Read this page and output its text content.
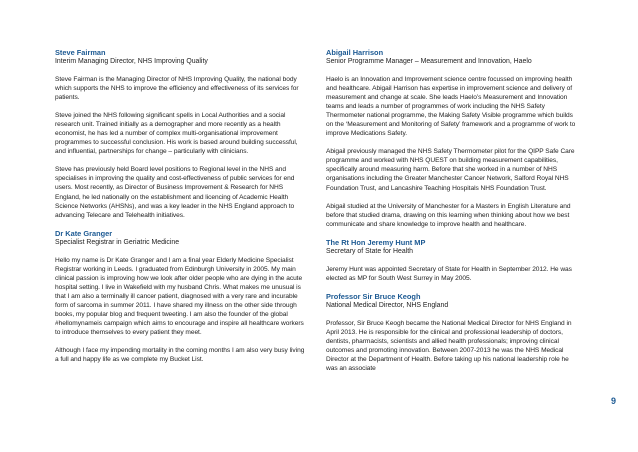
Steve Fairman
Interim Managing Director, NHS Improving Quality

Steve Fairman is the Managing Director of NHS Improving Quality, the national body which supports the NHS to improve the efficiency and effectiveness of its services for patients.

Steve joined the NHS following significant spells in Local Authorities and a social research unit. Trained initially as a demographer and more recently as a health economist, he has led a number of complex multi-organisational improvement programmes to successful conclusion. His work is based around building successful, and influential, partnerships for change – particularly with clinicians.

Steve has previously held Board level positions to Regional level in the NHS and specialises in improving the quality and cost-effectiveness of public services for end users. Most recently, as Director of Business Improvement & Research for NHS England, he led nationally on the establishment and licencing of Academic Health Science Networks (AHSNs), and was a key leader in the NHS England approach to advancing Telecare and Telehealth initiatives.

Dr Kate Granger
Specialist Registrar in Geriatric Medicine

Hello my name is Dr Kate Granger and I am a final year Elderly Medicine Specialist Registrar working in Leeds. I graduated from Edinburgh University in 2005. My main clinical passion is improving how we look after older people who are dying in the acute hospital setting. I live in Wakefield with my husband Chris. What makes me unusual is that I am also a terminally ill cancer patient, diagnosed with a very rare and incurable form of sarcoma in summer 2011. I have shared my illness on the other side through books, my popular blog and frequent tweeting. I am also the founder of the global #hellomynameis campaign which aims to encourage and inspire all healthcare workers to introduce themselves to every patient they meet.

Although I face my impending mortality in the coming months I am also very busy living a full and happy life as we complete my Bucket List.

Abigail Harrison
Senior Programme Manager – Measurement and Innovation, Haelo

Haelo is an Innovation and Improvement science centre focussed on improving health and healthcare. Abigail Harrison has expertise in improvement science and delivery of measurement and change at scale. She leads Haelo’s Measurement and Innovation teams and leads a number of programmes of work including the NHS Safety Thermometer national programme, the Making Safety Visible programme which builds on the ‘Measurement and Monitoring of Safety’ framework and a programme of work to improve Medications Safety.

Abigail previously managed the NHS Safety Thermometer pilot for the QIPP Safe Care programme and worked with NHS QUEST on building measurement capabilities, specifically around measuring harm. Before that she worked in a number of NHS organisations including the Greater Manchester Cancer Network, Salford Royal NHS Foundation Trust, and Lancashire Teaching Hospitals NHS Foundation Trust.

Abigail studied at the University of Manchester for a Masters in English Literature and before that studied drama, drawing on this learning when thinking about how we best communicate and share knowledge to improve health and healthcare.

The Rt Hon Jeremy Hunt MP
Secretary of State for Health

Jeremy Hunt was appointed Secretary of State for Health in September 2012. He was elected as MP for South West Surrey in May 2005.

Professor Sir Bruce Keogh
National Medical Director, NHS England

Professor, Sir Bruce Keogh became the National Medical Director for NHS England in April 2013. He is responsible for the clinical and professional leadership of doctors, dentists, pharmacists, scientists and allied health professionals; improving clinical outcomes and promoting innovation. Between 2007-2013 he was the NHS Medical Director at the Department of Health. Before taking up his national leadership role he was an associate

9
